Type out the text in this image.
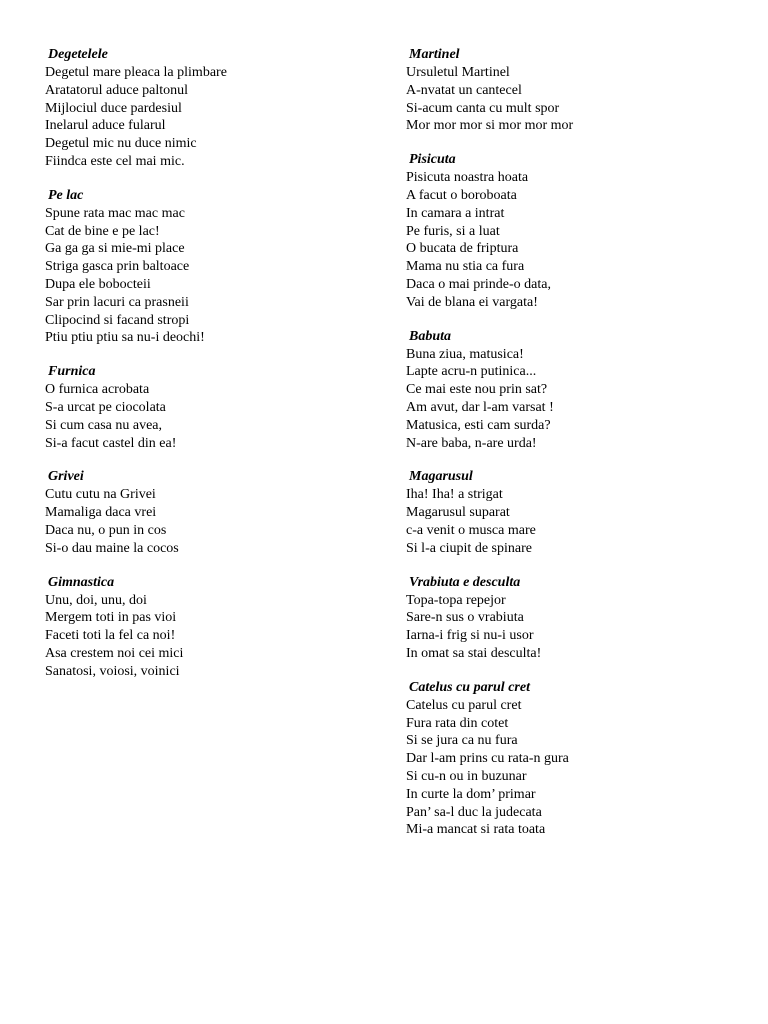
Degetelele
Degetul mare pleaca la plimbare
Aratatorul aduce paltonul
Mijlociul duce pardesiul
Inelarul aduce fularul
Degetul mic nu duce nimic
Fiindca este cel mai mic.
Pe lac
Spune rata mac mac mac
Cat de bine e pe lac!
Ga ga ga si mie-mi place
Striga gasca prin baltoace
Dupa ele bobocteii
Sar prin lacuri ca prasneii
Clipocind si facand stropi
Ptiu ptiu ptiu sa nu-i deochi!
Furnica
O furnica acrobata
S-a urcat pe ciocolata
Si cum casa nu avea,
Si-a facut castel din ea!
Grivei
Cutu cutu na Grivei
Mamaliga daca vrei
Daca nu, o pun in cos
Si-o dau maine la cocos
Gimnastica
Unu, doi, unu, doi
Mergem toti in pas vioi
Faceti toti la fel ca noi!
Asa crestem noi cei mici
Sanatosi, voiosi, voinici
Martinel
Ursuletul Martinel
A-nvatat un cantecel
Si-acum canta cu mult spor
Mor mor mor si mor mor mor
Pisicuta
Pisicuta noastra hoata
A facut o boroboata
In camara a intrat
Pe furis, si a luat
O bucata de friptura
Mama nu stia ca fura
Daca o mai prinde-o data,
Vai de blana ei vargata!
Babuta
Buna ziua, matusica!
Lapte acru-n putinica...
Ce mai este nou prin sat?
Am avut, dar l-am varsat !
Matusica, esti cam surda?
N-are baba, n-are urda!
Magarusul
Iha! Iha! a strigat
Magarusul suparat
c-a venit o musca mare
Si l-a ciupit de spinare
Vrabiuta e desculta
Topa-topa repejor
Sare-n sus o vrabiuta
Iarna-i frig si nu-i usor
In omat sa stai desculta!
Catelus cu parul cret
Catelus cu parul cret
Fura rata din cotet
Si se jura ca nu fura
Dar l-am prins cu rata-n gura
Si cu-n ou in buzunar
In curte la dom’ primar
Pan’ sa-l duc la judecata
Mi-a mancat si rata toata
